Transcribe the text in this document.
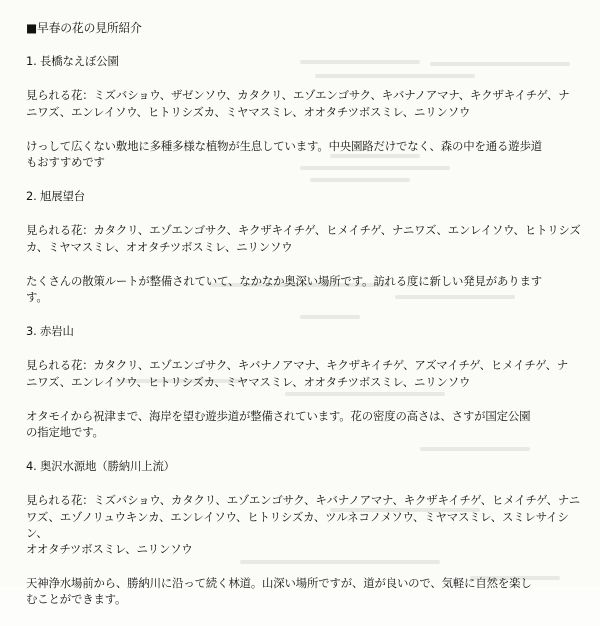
■早春の花の見所紹介
1. 長橋なえぼ公園
見られる花：ミズバショウ、ザゼンソウ、カタクリ、エゾエンゴサク、キバナノアマナ、キクザキイチゲ、ナ
ニワズ、エンレイソウ、ヒトリシズカ、ミヤマスミレ、オオタチツボスミレ、ニリンソウ
けっして広くない敷地に多種多様な植物が生息しています。中央園路だけでなく、森の中を通る遊歩道
もおすすめです
2. 旭展望台
見られる花：カタクリ、エゾエンゴサク、キクザキイチゲ、ヒメイチゲ、ナニワズ、エンレイソウ、ヒトリシズ
カ、ミヤマスミレ、オオタチツボスミレ、ニリンソウ
たくさんの散策ルートが整備されていて、なかなか奥深い場所です。訪れる度に新しい発見があります
す。
3. 赤岩山
見られる花：カタクリ、エゾエンゴサク、キバナノアマナ、キクザキイチゲ、アズマイチゲ、ヒメイチゲ、ナ
ニワズ、エンレイソウ、ヒトリシズカ、ミヤマスミレ、オオタチツボスミレ、ニリンソウ
オタモイから祝津まで、海岸を望む遊歩道が整備されています。花の密度の高さは、さすが国定公園
の指定地です。
4. 奥沢水源地（勝納川上流）
見られる花：ミズバショウ、カタクリ、エゾエンゴサク、キバナノアマナ、キクザキイチゲ、ヒメイチゲ、ナニ
ワズ、エゾノリュウキンカ、エンレイソウ、ヒトリシズカ、ツルネコノメソウ、ミヤマスミレ、スミレサイシン、
オオタチツボスミレ、ニリンソウ
天神浄水場前から、勝納川に沿って続く林道。山深い場所ですが、道が良いので、気軽に自然を楽し
むことができます。
